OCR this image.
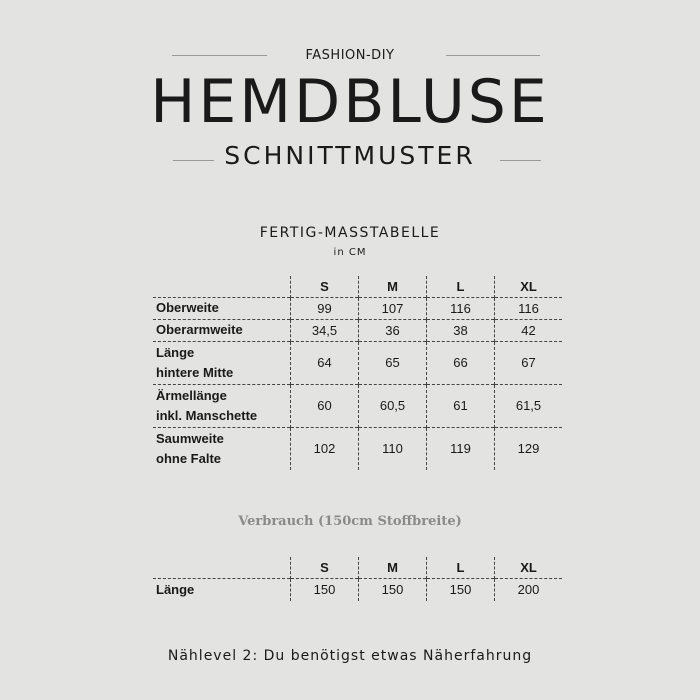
FASHION-DIY
HEMDBLUSE
SCHNITTMUSTER
FERTIG-MASSTABELLE
in CM
	S	M	L	XL
Oberweite	99	107	116	116
Oberarmweite	34,5	36	38	42

Länge
hintere Mitte	64	65	66	67

Ärmellänge
inkl. Manschette	60	60,5	61	61,5

Saumweite
ohne Falte	102	110	119	129
Verbrauch (150cm Stoffbreite)
	S	M	L	XL
Länge	150	150	150	200
Nählevel 2: Du benötigst etwas Näherfahrung
